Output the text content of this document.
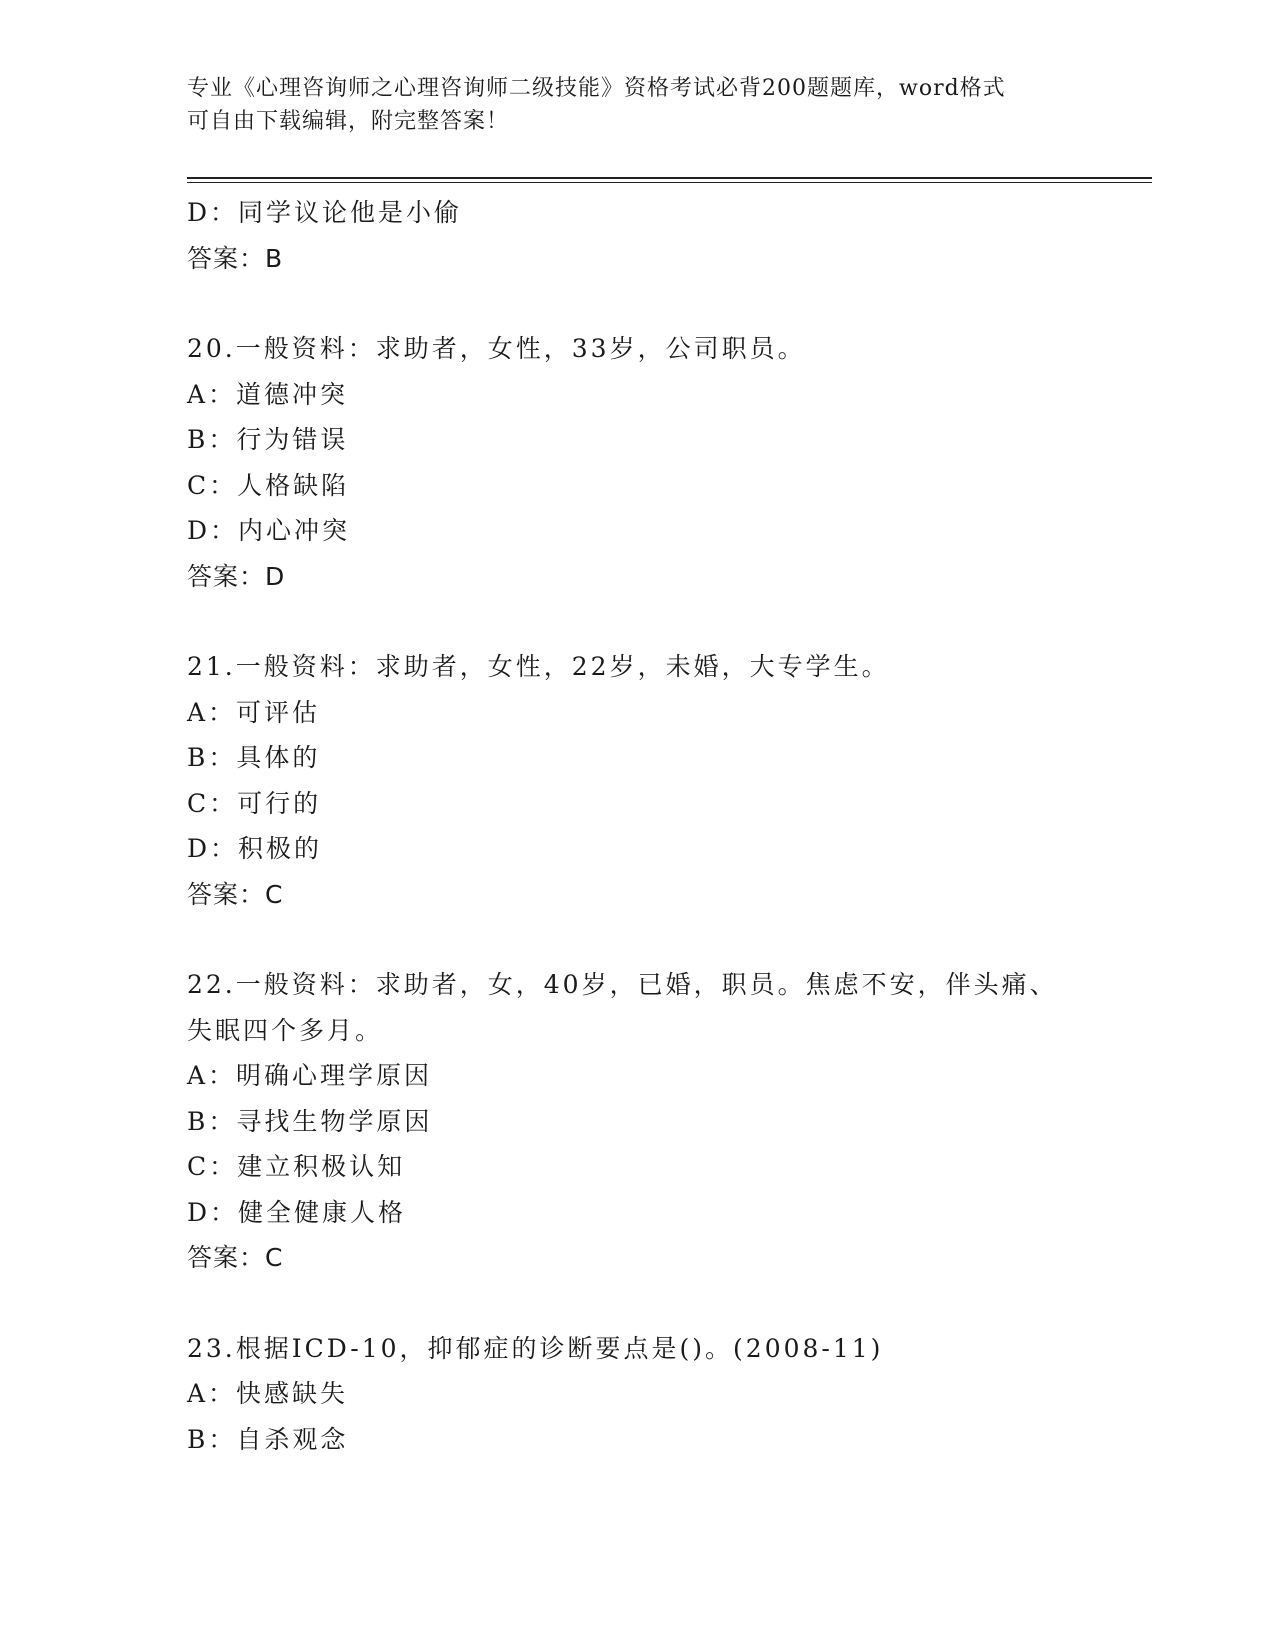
专业《心理咨询师之心理咨询师二级技能》资格考试必背200题题库，word格式
可自由下载编辑，附完整答案！
D：同学议论他是小偷
答案：B
20.一般资料：求助者，女性，33岁，公司职员。
A：道德冲突
B：行为错误
C：人格缺陷
D：内心冲突
答案：D
21.一般资料：求助者，女性，22岁，未婚，大专学生。
A：可评估
B：具体的
C：可行的
D：积极的
答案：C
22.一般资料：求助者，女，40岁，已婚，职员。焦虑不安，伴头痛、
失眠四个多月。
A：明确心理学原因
B：寻找生物学原因
C：建立积极认知
D：健全健康人格
答案：C
23.根据ICD-10，抑郁症的诊断要点是()。(2008-11)
A：快感缺失
B：自杀观念
